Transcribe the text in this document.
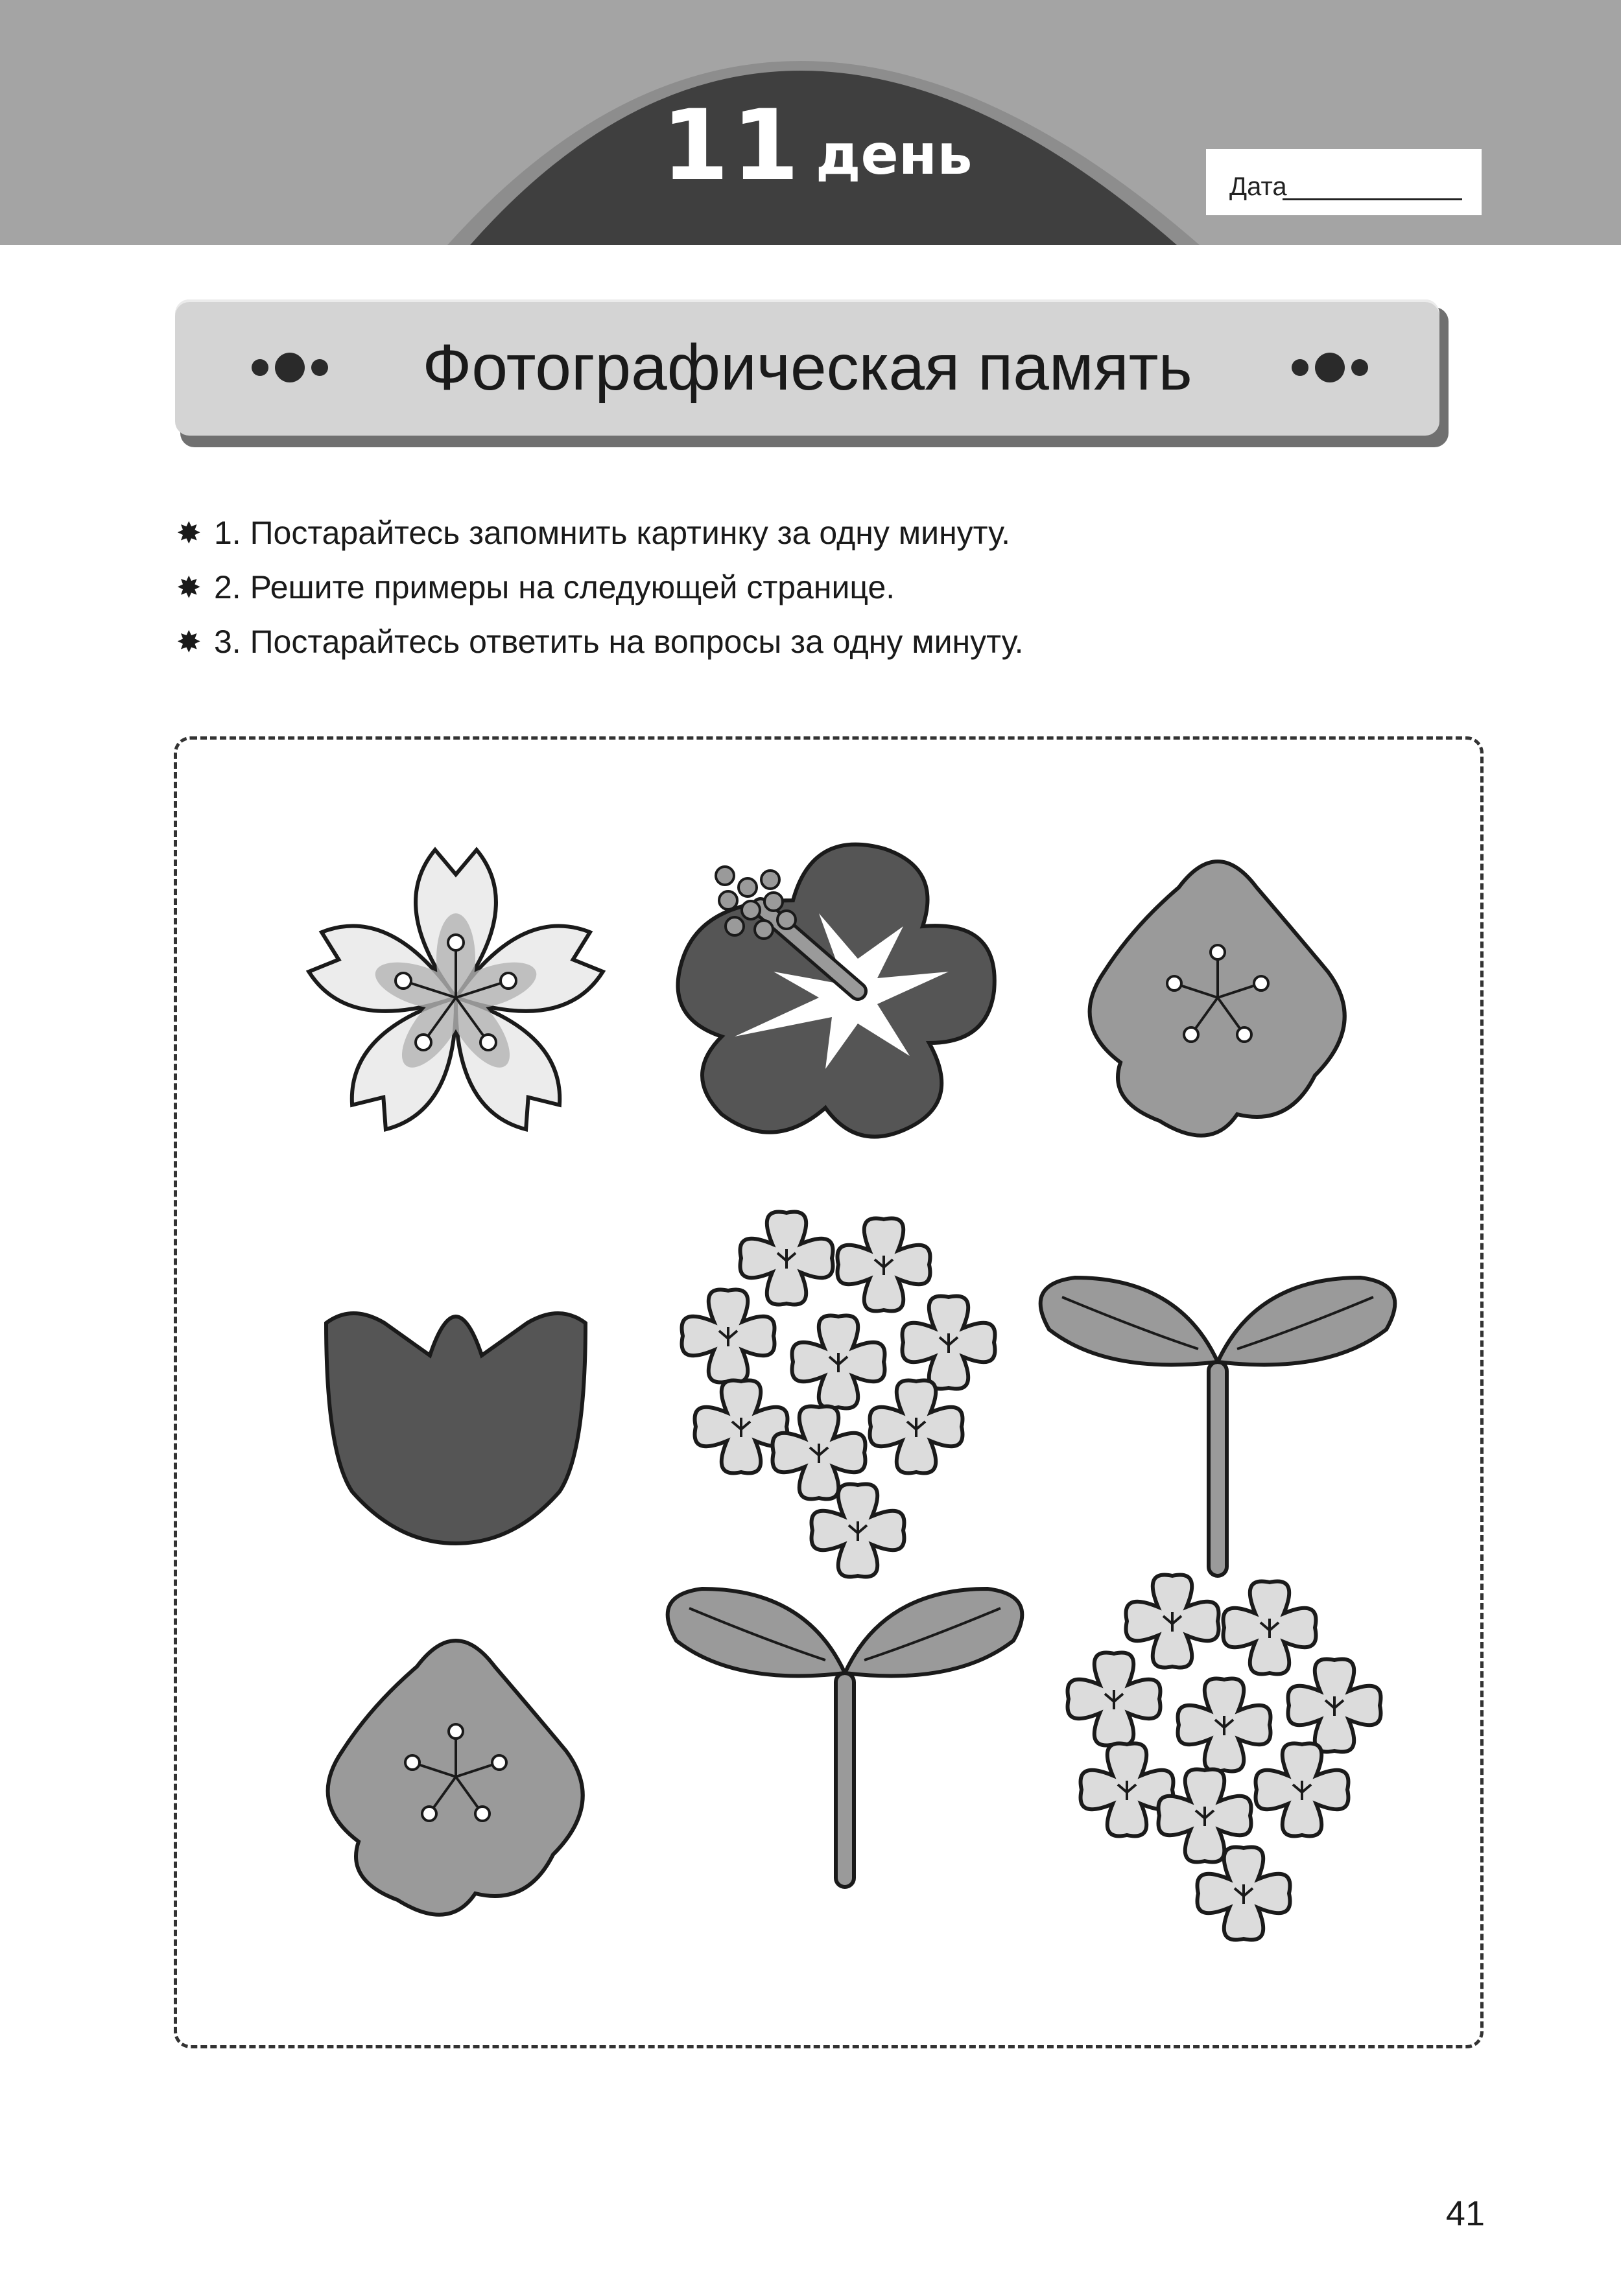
11 день	Дата
Фотографическая память
✸ 1. Постарайтесь запомнить картинку за одну минуту.
✸ 2. Решите примеры на следующей странице.
✸ 3. Постарайтесь ответить на вопросы за одну минуту.
41
